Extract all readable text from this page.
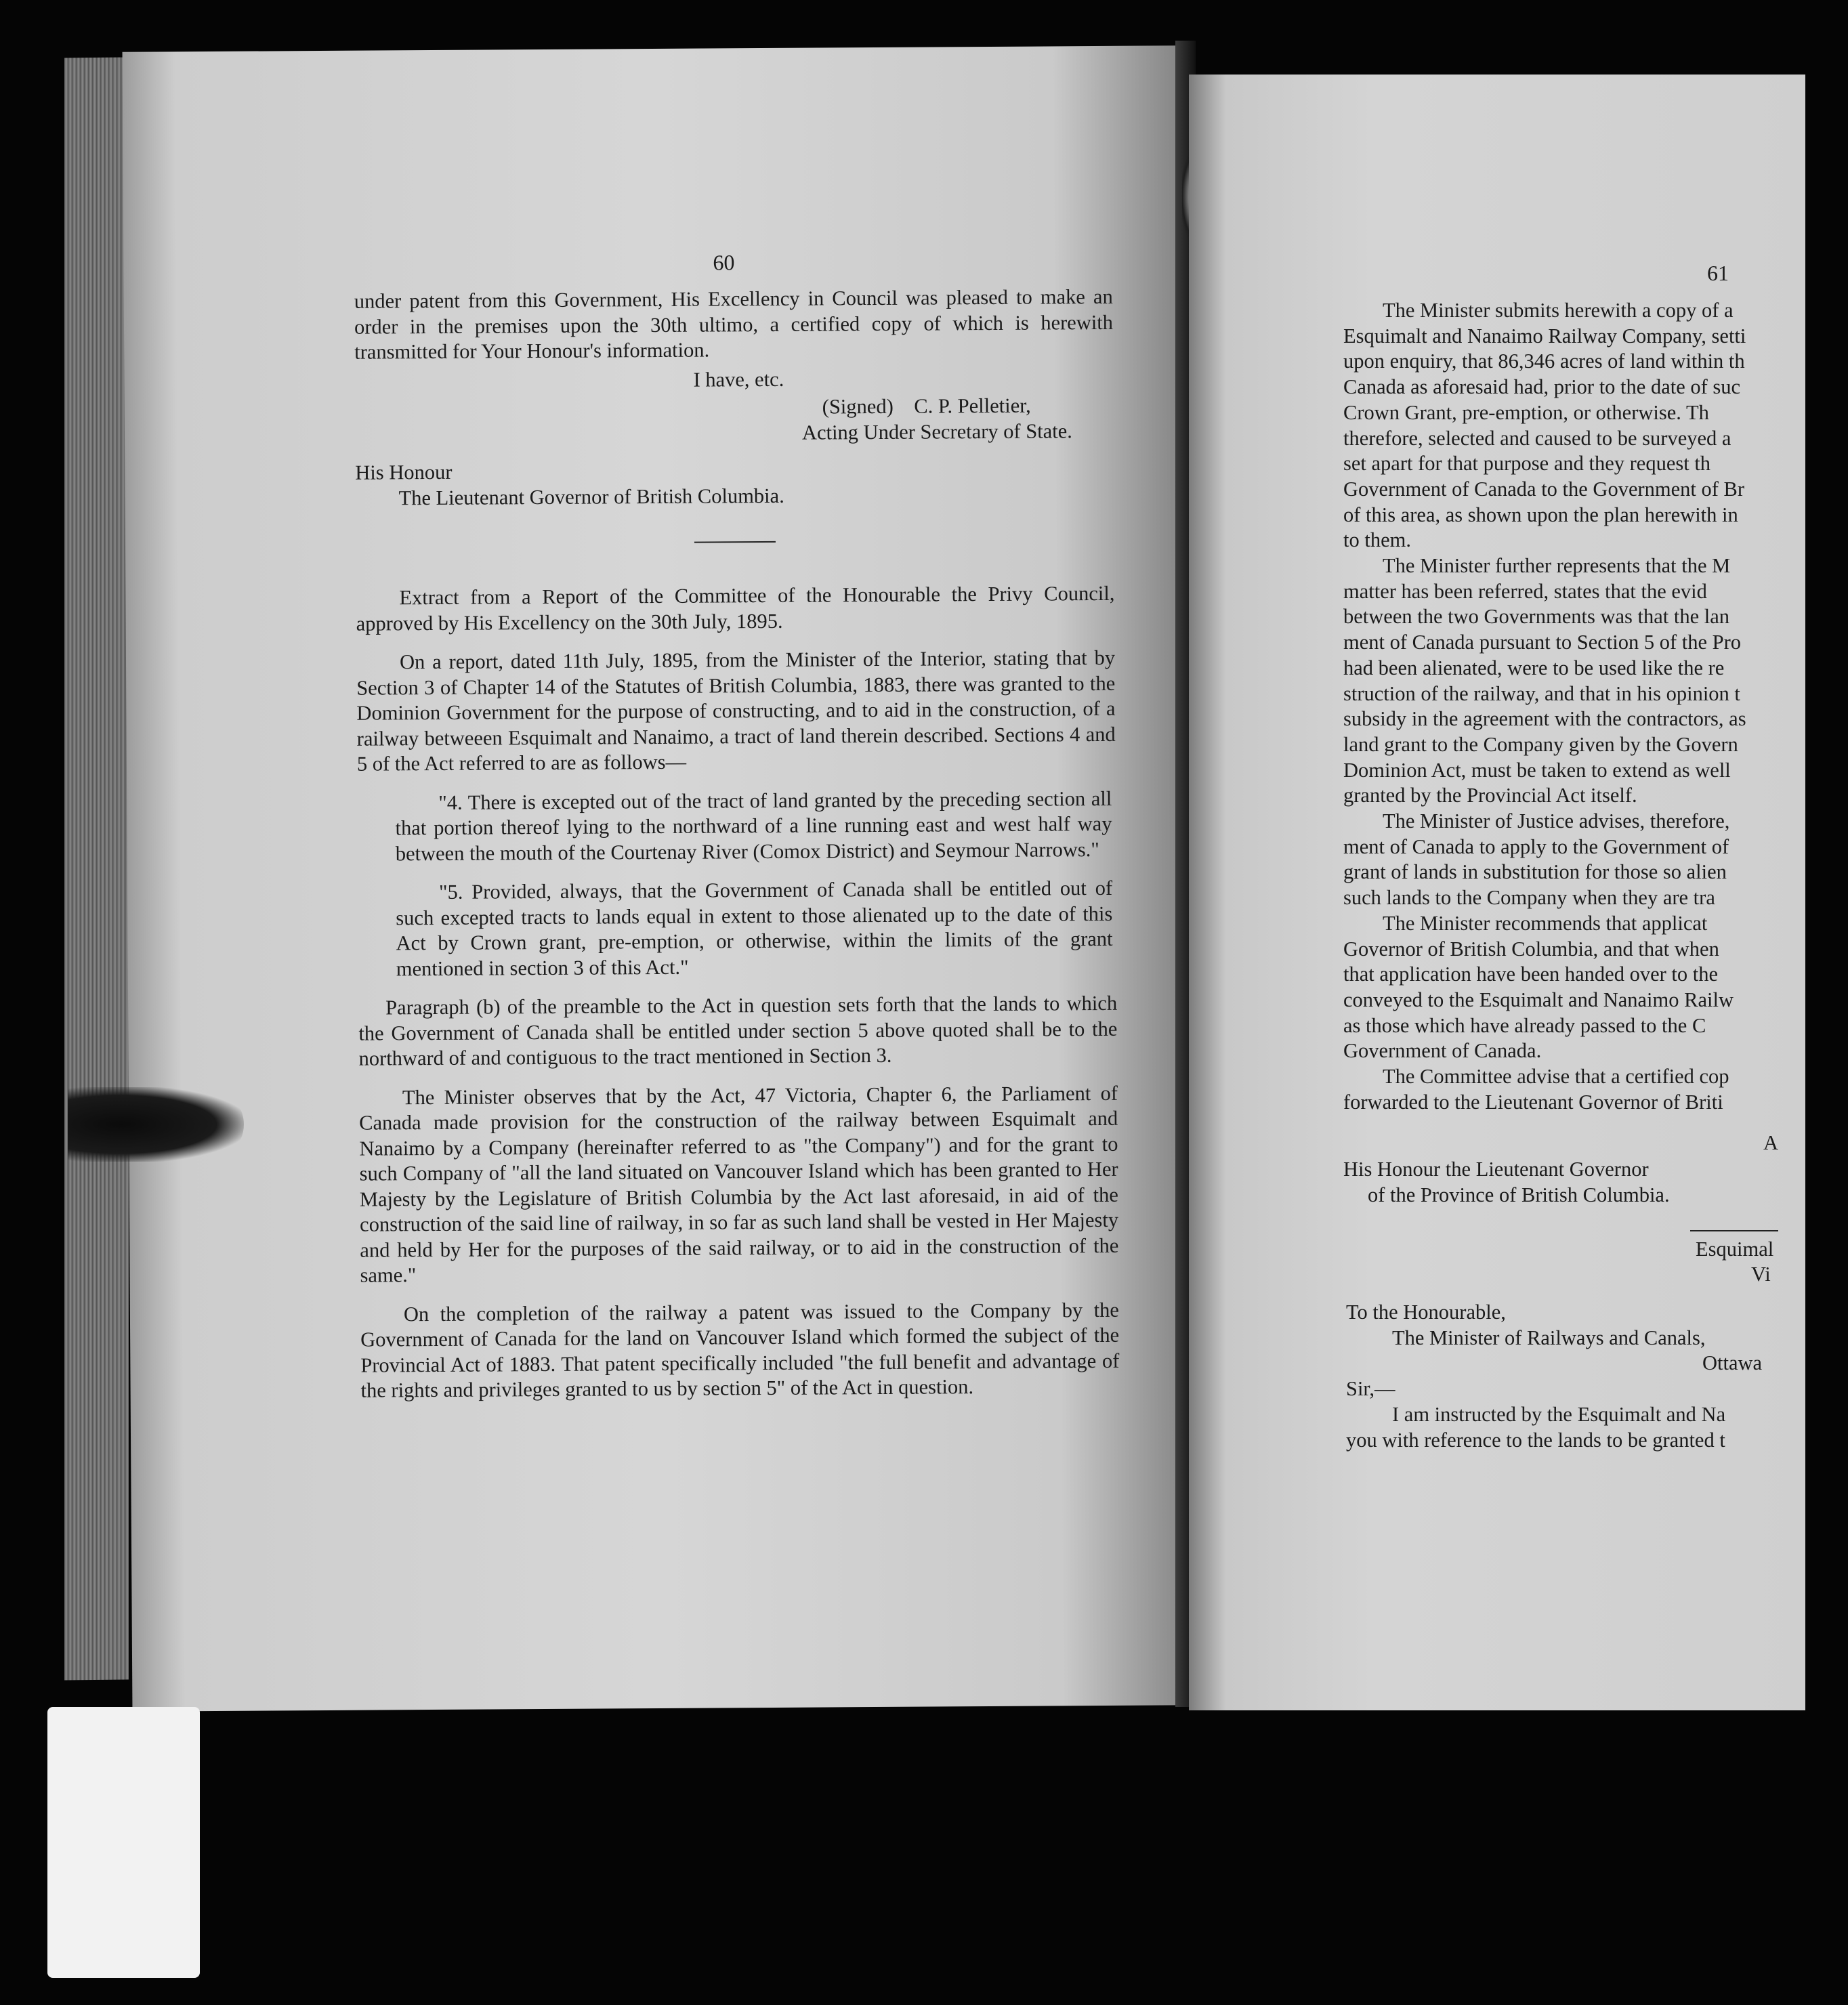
60

under patent from this Government, His Excellency in Council was pleased to make an order in the premises upon the 30th ultimo, a certified copy of which is herewith transmitted for Your Honour's information.

I have, etc.

(Signed) C. P. Pelletier,
Acting Under Secretary of State.
His Honour
The Lieutenant Governor of British Columbia.

Extract from a Report of the Committee of the Honourable the Privy Council, approved by His Excellency on the 30th July, 1895.

On a report, dated 11th July, 1895, from the Minister of the Interior, stating that by Section 3 of Chapter 14 of the Statutes of British Columbia, 1883, there was granted to the Dominion Government for the purpose of constructing, and to aid in the construction, of a railway betweeen Esquimalt and Nanaimo, a tract of land therein described. Sections 4 and 5 of the Act referred to are as follows—

"4. There is excepted out of the tract of land granted by the preceding section all that portion thereof lying to the northward of a line running east and west half way between the mouth of the Courtenay River (Comox District) and Seymour Narrows."

"5. Provided, always, that the Government of Canada shall be entitled out of such excepted tracts to lands equal in extent to those alienated up to the date of this Act by Crown grant, pre-emption, or otherwise, within the limits of the grant mentioned in section 3 of this Act."

Paragraph (b) of the preamble to the Act in question sets forth that the lands to which the Government of Canada shall be entitled under section 5 above quoted shall be to the northward of and contiguous to the tract mentioned in Section 3.

The Minister observes that by the Act, 47 Victoria, Chapter 6, the Parliament of Canada made provision for the construction of the railway between Esquimalt and Nanaimo by a Company (hereinafter referred to as "the Company") and for the grant to such Company of "all the land situated on Vancouver Island which has been granted to Her Majesty by the Legislature of British Columbia by the Act last aforesaid, in aid of the construction of the said line of railway, in so far as such land shall be vested in Her Majesty and held by Her for the purposes of the said railway, or to aid in the construction of the same."

On the completion of the railway a patent was issued to the Company by the Government of Canada for the land on Vancouver Island which formed the subject of the Provincial Act of 1883. That patent specifically included "the full benefit and advantage of the rights and privileges granted to us by section 5" of the Act in question.

61
The Minister submits herewith a copy of a
Esquimalt and Nanaimo Railway Company, setti
upon enquiry, that 86,346 acres of land within th
Canada as aforesaid had, prior to the date of suc
Crown Grant, pre-emption, or otherwise. Th
therefore, selected and caused to be surveyed a
set apart for that purpose and they request th
Government of Canada to the Government of Br
of this area, as shown upon the plan herewith in
to them.
The Minister further represents that the M
matter has been referred, states that the evid
between the two Governments was that the lan
ment of Canada pursuant to Section 5 of the Pro
had been alienated, were to be used like the re
struction of the railway, and that in his opinion t
subsidy in the agreement with the contractors, as
land grant to the Company given by the Govern
Dominion Act, must be taken to extend as well
granted by the Provincial Act itself.
The Minister of Justice advises, therefore,
ment of Canada to apply to the Government of
grant of lands in substitution for those so alien
such lands to the Company when they are tra
The Minister recommends that applicat
Governor of British Columbia, and that when
that application have been handed over to the
conveyed to the Esquimalt and Nanaimo Railw
as those which have already passed to the C
Government of Canada.
The Committee advise that a certified cop
forwarded to the Lieutenant Governor of Briti
A
His Honour the Lieutenant Governor
of the Province of British Columbia.
Esquimal
Vi
To the Honourable,
The Minister of Railways and Canals,
Ottawa
Sir,—
I am instructed by the Esquimalt and Na
you with reference to the lands to be granted t
